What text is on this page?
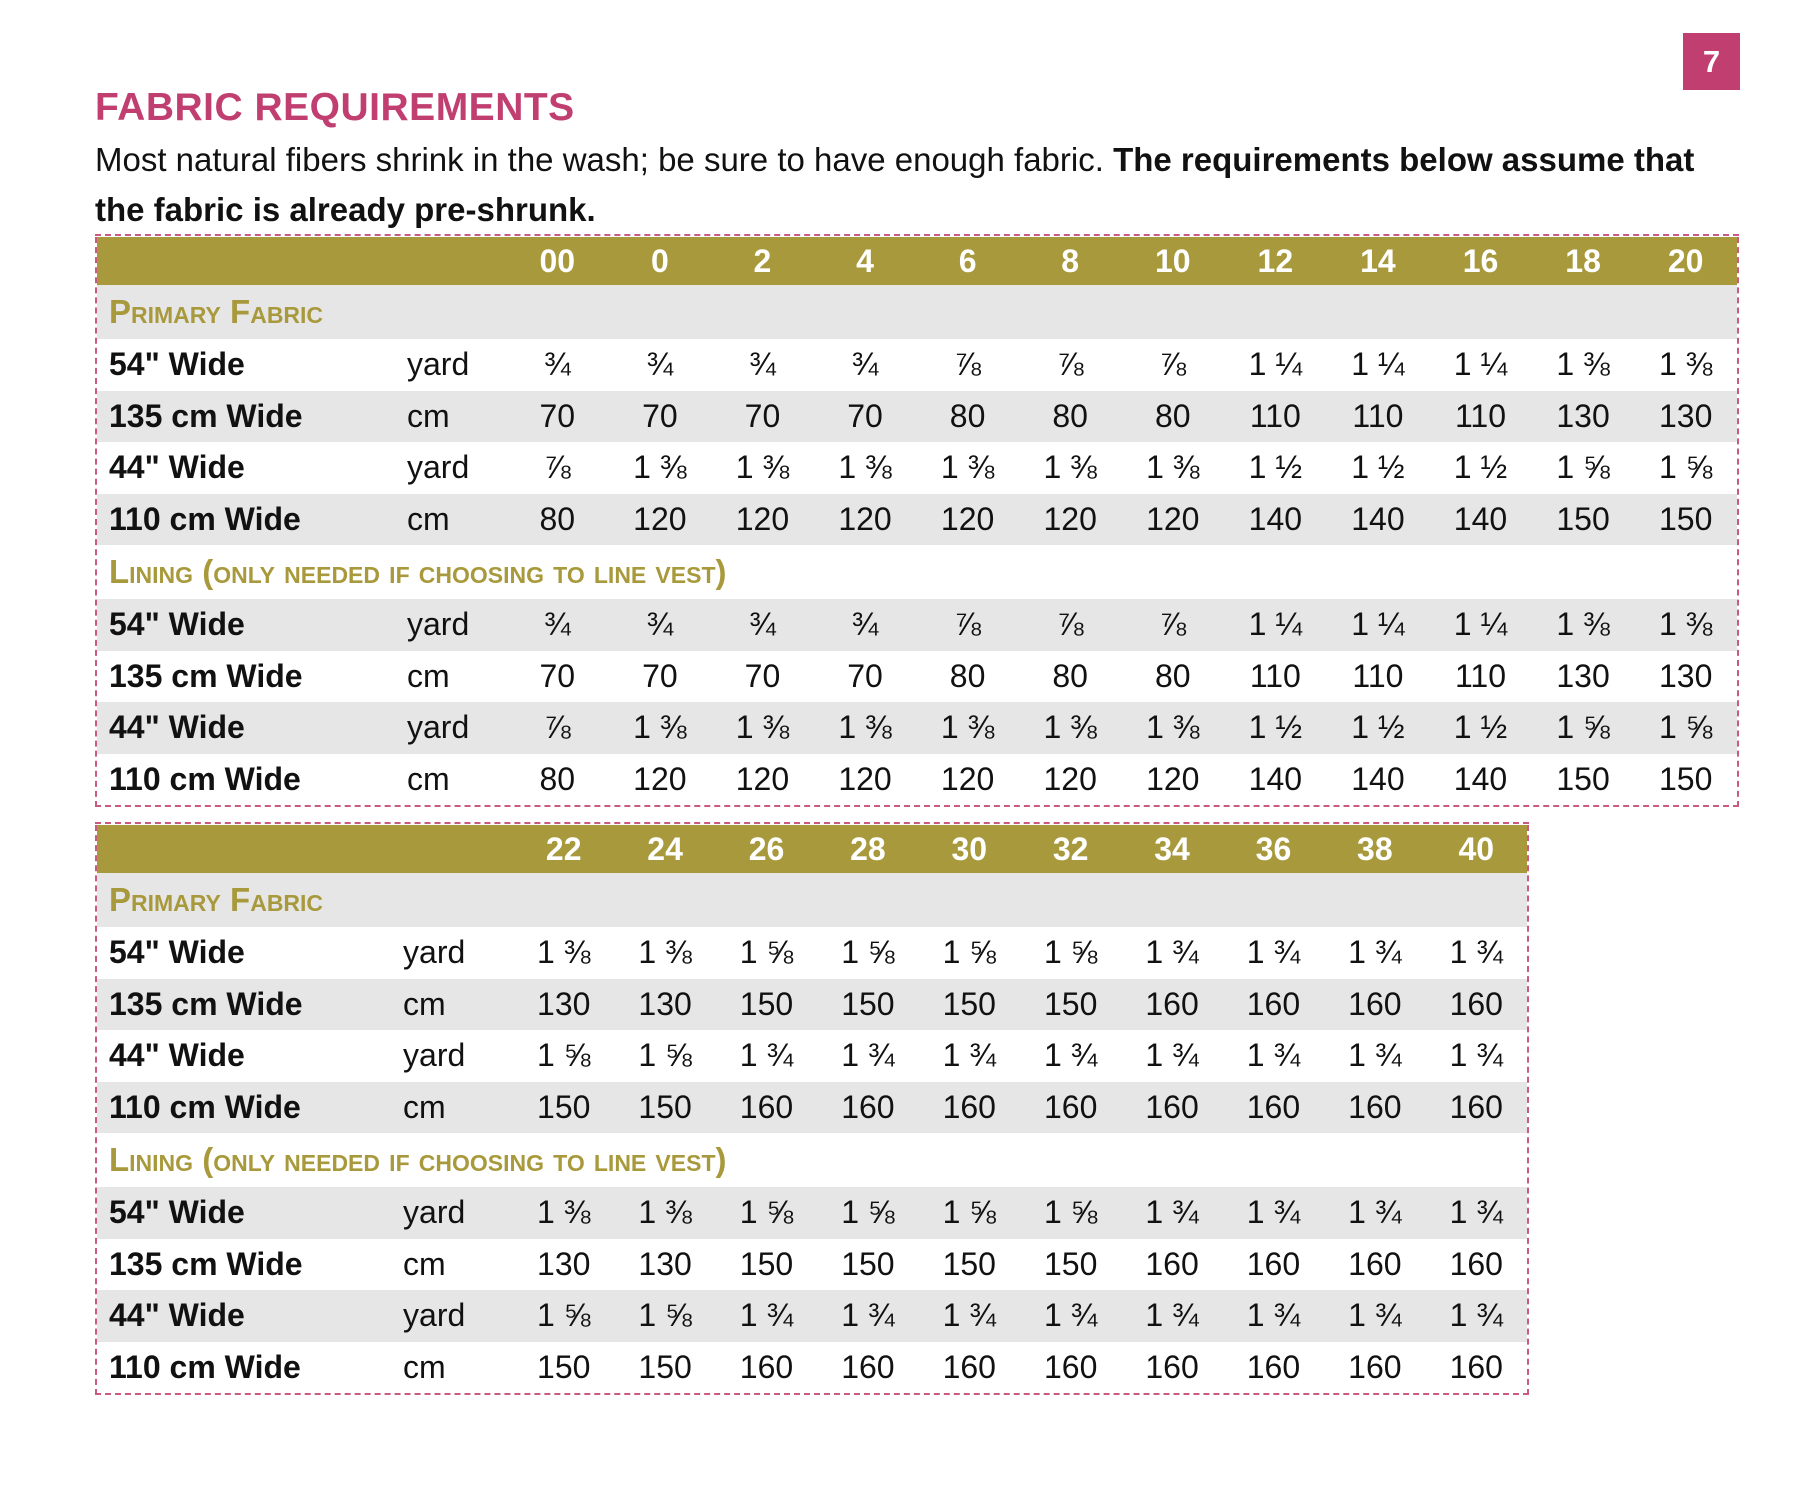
7
FABRIC REQUIREMENTS
Most natural fibers shrink in the wash; be sure to have enough fabric. The requirements below assume that the fabric is already pre-shrunk.
		00	0	2	4	6	8	10	12	14	16	18	20
Primary Fabric													
54" Wide	yard	¾	¾	¾	¾	⅞	⅞	⅞	1 ¼	1 ¼	1 ¼	1 ⅜	1 ⅜
135 cm Wide	cm	70	70	70	70	80	80	80	110	110	110	130	130
44" Wide	yard	⅞	1 ⅜	1 ⅜	1 ⅜	1 ⅜	1 ⅜	1 ⅜	1 ½	1 ½	1 ½	1 ⅝	1 ⅝
110 cm Wide	cm	80	120	120	120	120	120	120	140	140	140	150	150
Lining (only needed if choosing to line vest)													
54" Wide	yard	¾	¾	¾	¾	⅞	⅞	⅞	1 ¼	1 ¼	1 ¼	1 ⅜	1 ⅜
135 cm Wide	cm	70	70	70	70	80	80	80	110	110	110	130	130
44" Wide	yard	⅞	1 ⅜	1 ⅜	1 ⅜	1 ⅜	1 ⅜	1 ⅜	1 ½	1 ½	1 ½	1 ⅝	1 ⅝
110 cm Wide	cm	80	120	120	120	120	120	120	140	140	140	150	150
		22	24	26	28	30	32	34	36	38	40
Primary Fabric											
54" Wide	yard	1 ⅜	1 ⅜	1 ⅝	1 ⅝	1 ⅝	1 ⅝	1 ¾	1 ¾	1 ¾	1 ¾
135 cm Wide	cm	130	130	150	150	150	150	160	160	160	160
44" Wide	yard	1 ⅝	1 ⅝	1 ¾	1 ¾	1 ¾	1 ¾	1 ¾	1 ¾	1 ¾	1 ¾
110 cm Wide	cm	150	150	160	160	160	160	160	160	160	160
Lining (only needed if choosing to line vest)											
54" Wide	yard	1 ⅜	1 ⅜	1 ⅝	1 ⅝	1 ⅝	1 ⅝	1 ¾	1 ¾	1 ¾	1 ¾
135 cm Wide	cm	130	130	150	150	150	150	160	160	160	160
44" Wide	yard	1 ⅝	1 ⅝	1 ¾	1 ¾	1 ¾	1 ¾	1 ¾	1 ¾	1 ¾	1 ¾
110 cm Wide	cm	150	150	160	160	160	160	160	160	160	160
